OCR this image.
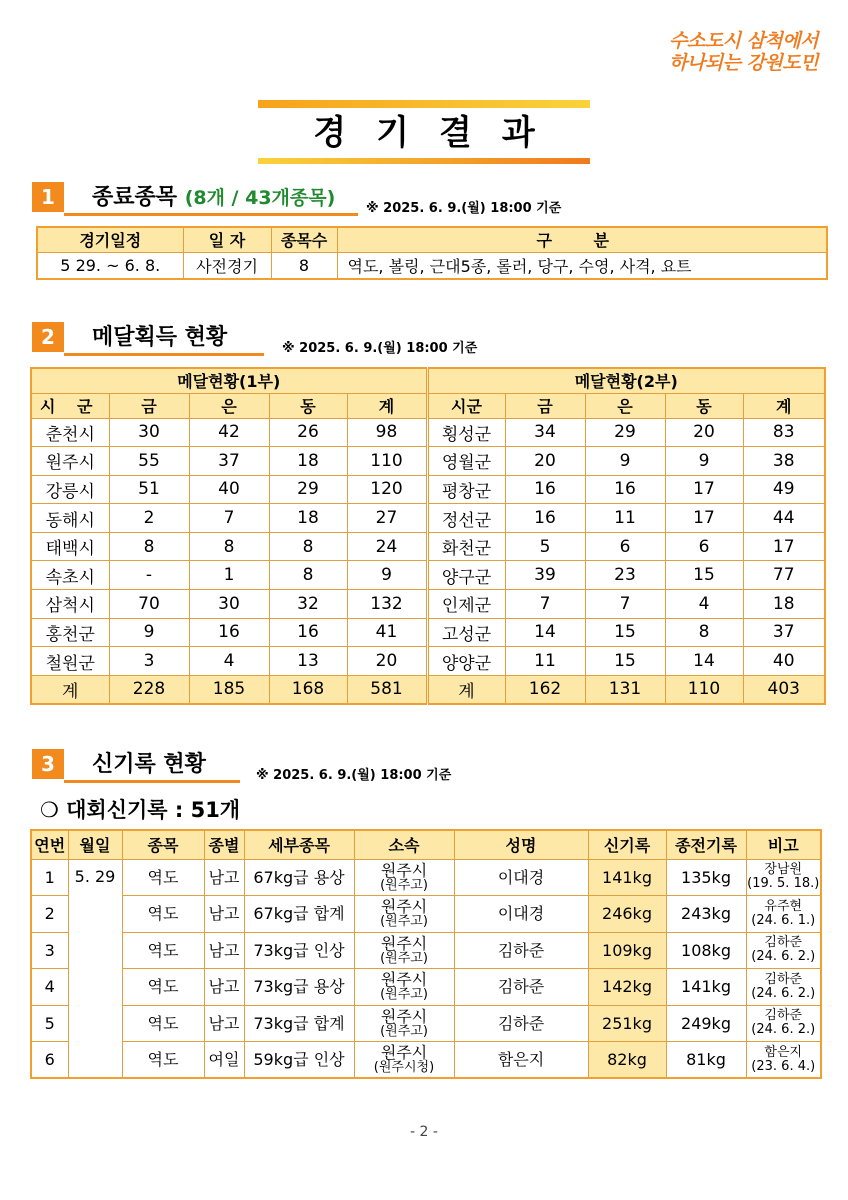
수소도시 삼척에서
하나되는 강원도민
경기결과
1	종료종목 (8개 / 43개종목) ※ 2025. 6. 9.(월) 18:00 기준
경기일정	일 자	종목수	구 분
5 29. ~ 6. 8.	사전경기	8	역도, 볼링, 근대5종, 롤러, 당구, 수영, 사격, 요트
2	메달획득 현황	※ 2025. 6. 9.(월) 18:00 기준
메달현황(1부)					메달현황(2부)				
시 군	금	은	동	계	시군	금	은	동	계
춘천시	30	42	26	98	횡성군	34	29	20	83
원주시	55	37	18	110	영월군	20	9	9	38
강릉시	51	40	29	120	평창군	16	16	17	49
동해시	2	7	18	27	정선군	16	11	17	44
태백시	8	8	8	24	화천군	5	6	6	17
속초시	-	1	8	9	양구군	39	23	15	77
삼척시	70	30	32	132	인제군	7	7	4	18
홍천군	9	16	16	41	고성군	14	15	8	37
철원군	3	4	13	20	양양군	11	15	14	40
계	228	185	168	581	계	162	131	110	403
3	신기록 현황	※ 2025. 6. 9.(월) 18:00 기준
❍ 대회신기록 : 51개
연번	월일	종목	종별	세부종목	소속	성명	신기록	종전기록	비고
1	5. 29	역도	남고	67kg급 용상	원주시
(원주고)	이대경	141kg	135kg	장남원
(19. 5. 18.)

2		역도	남고	67kg급 합계	원주시
(원주고)	이대경	246kg	243kg	유주현
(24. 6. 1.)

3		역도	남고	73kg급 인상	원주시
(원주고)	김하준	109kg	108kg	김하준
(24. 6. 2.)

4		역도	남고	73kg급 용상	원주시
(원주고)	김하준	142kg	141kg	김하준
(24. 6. 2.)

5		역도	남고	73kg급 합계	원주시
(원주고)	김하준	251kg	249kg	김하준
(24. 6. 2.)

6		역도	여일	59kg급 인상	원주시
(원주시청)	함은지	82kg	81kg	함은지
(23. 6. 4.)
- 2 -
